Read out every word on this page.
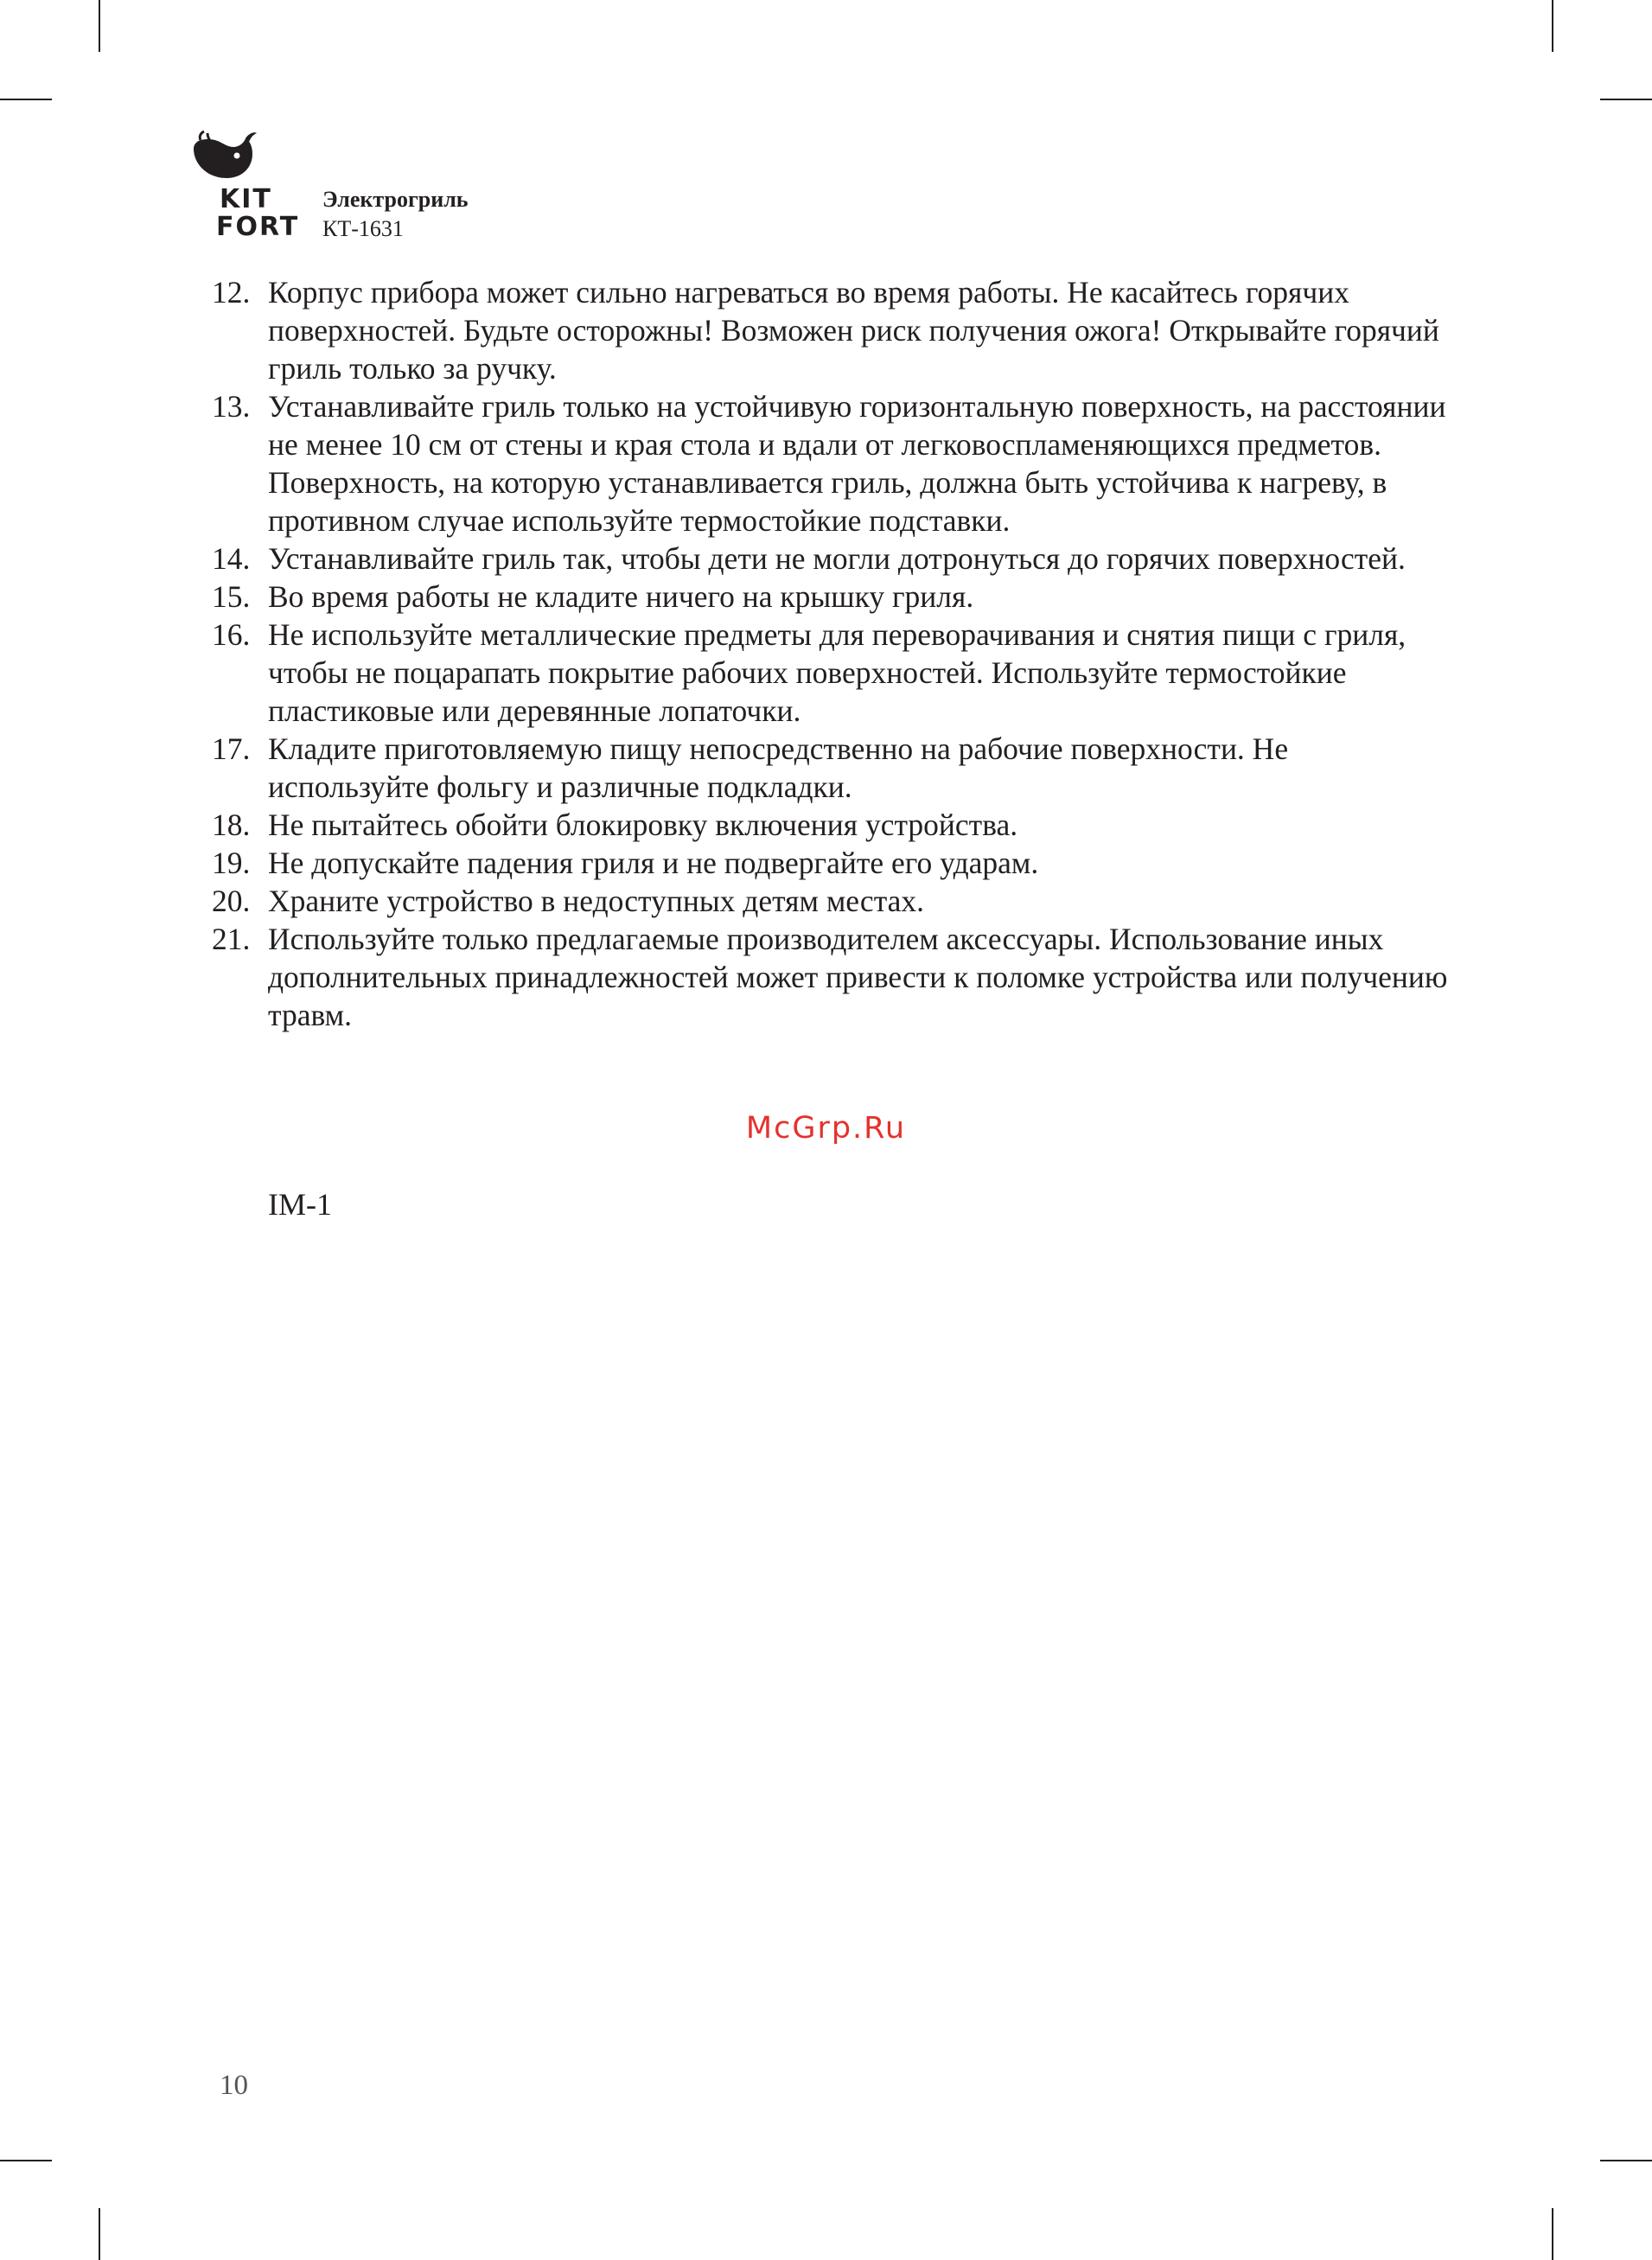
KIT
FORT
Электрогриль
КТ-1631
12. Корпус прибора может сильно нагреваться во время работы. Не касайтесь горячих поверхностей. Будьте осторожны! Возможен риск получения ожога! Открывайте горячий гриль только за ручку.
13. Устанавливайте гриль только на устойчивую горизонтальную поверхность, на расстоянии не менее 10 см от стены и края стола и вдали от легковоспламеняющихся предметов. Поверхность, на которую устанавливается гриль, должна быть устойчива к нагреву, в противном случае используйте термостойкие подставки.
14. Устанавливайте гриль так, чтобы дети не могли дотронуться до горячих поверхностей.
15. Во время работы не кладите ничего на крышку гриля.
16. Не используйте металлические предметы для переворачивания и снятия пищи с гриля, чтобы не поцарапать покрытие рабочих поверхностей. Используйте термостойкие пластиковые или деревянные лопаточки.
17. Кладите приготовляемую пищу непосредственно на рабочие поверхности. Не используйте фольгу и различные подкладки.
18. Не пытайтесь обойти блокировку включения устройства.
19. Не допускайте падения гриля и не подвергайте его ударам.
20. Храните устройство в недоступных детям местах.
21. Используйте только предлагаемые производителем аксессуары. Использование иных дополнительных принадлежностей может привести к поломке устройства или получению травм.
McGrp.Ru
IM-1
10
